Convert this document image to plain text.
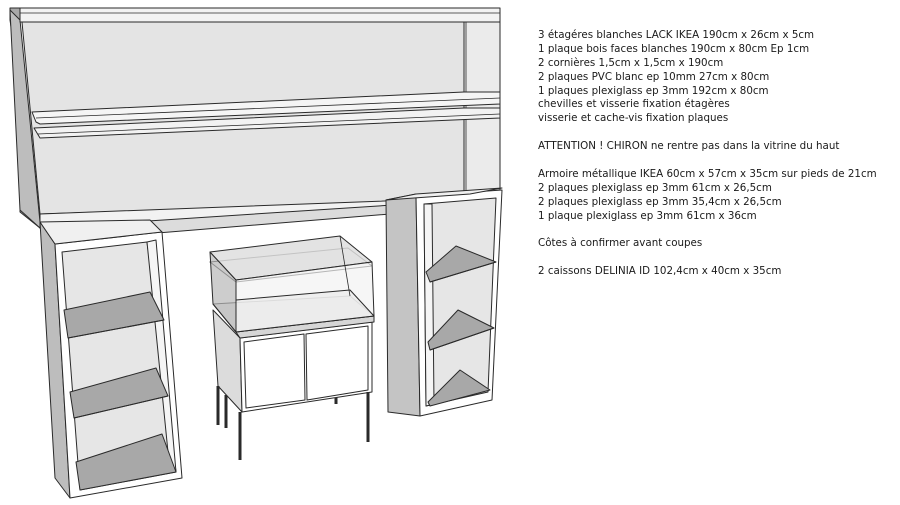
3 étagéres blanches LACK IKEA 190cm x 26cm x 5cm
1 plaque bois faces blanches 190cm x 80cm Ep 1cm
2 cornières 1,5cm x 1,5cm x 190cm
2 plaques PVC blanc ep 10mm 27cm x 80cm
1 plaques plexiglass ep 3mm 192cm x 80cm
chevilles et visserie fixation étagères
visserie et cache-vis fixation plaques
ATTENTION ! CHIRON ne rentre pas dans la vitrine du haut
Armoire métallique IKEA 60cm x 57cm x 35cm sur pieds de 21cm
2 plaques plexiglass ep 3mm 61cm x 26,5cm
2 plaques plexiglass ep 3mm 35,4cm x 26,5cm
1 plaque plexiglass ep 3mm 61cm x 36cm
Côtes à confirmer avant coupes
2 caissons DELINIA ID 102,4cm x 40cm x 35cm
